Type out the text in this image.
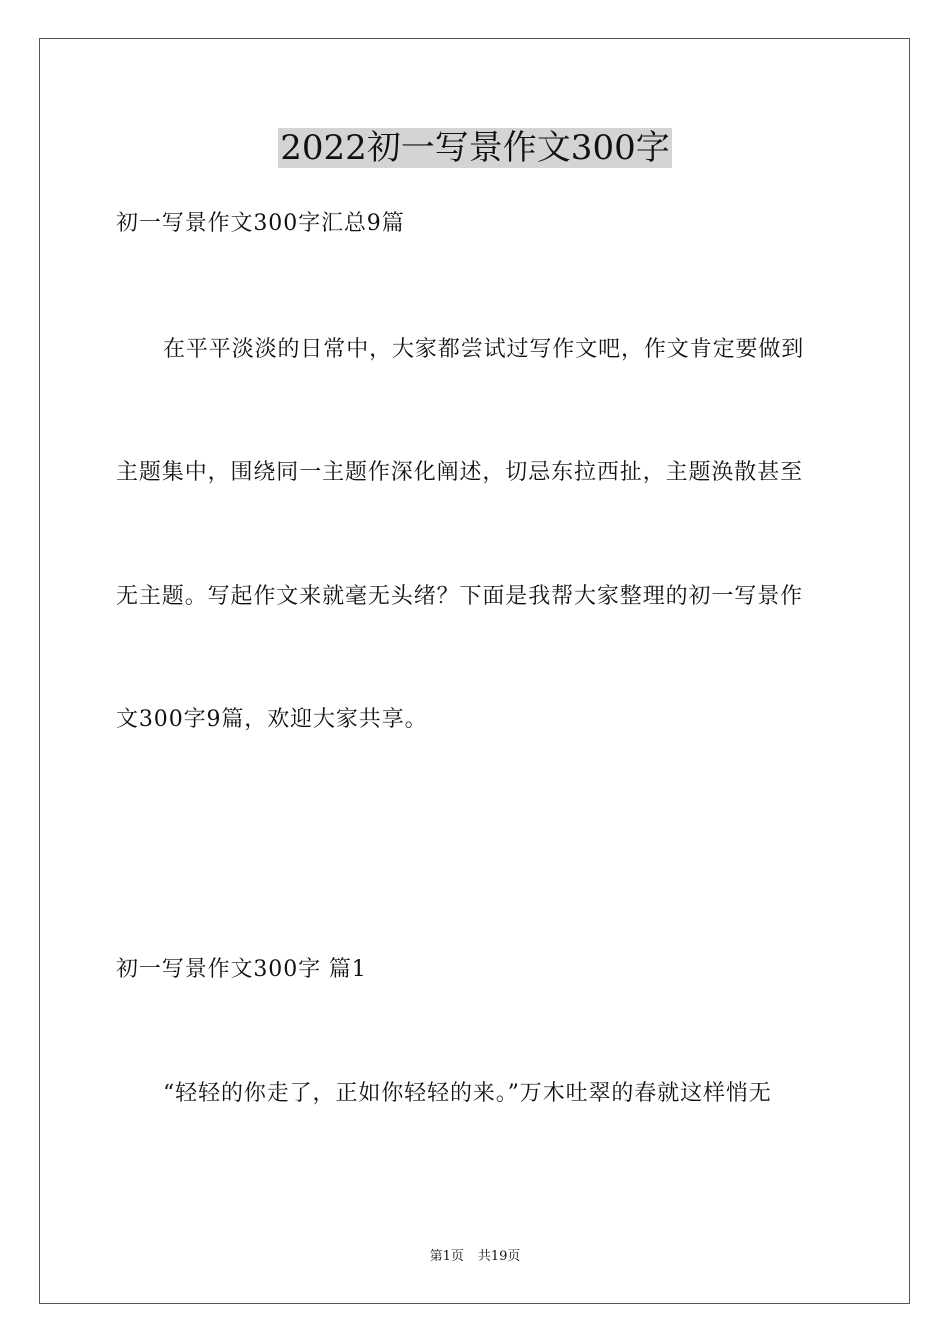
2022初一写景作文300字
初一写景作文300字汇总9篇
在平平淡淡的日常中，大家都尝试过写作文吧，作文肯定要做到
主题集中，围绕同一主题作深化阐述，切忌东拉西扯，主题涣散甚至
无主题。写起作文来就毫无头绪？下面是我帮大家整理的初一写景作
文300字9篇，欢迎大家共享。
初一写景作文300字 篇1
“轻轻的你走了，正如你轻轻的来。”万木吐翠的春就这样悄无
第1页 共19页
